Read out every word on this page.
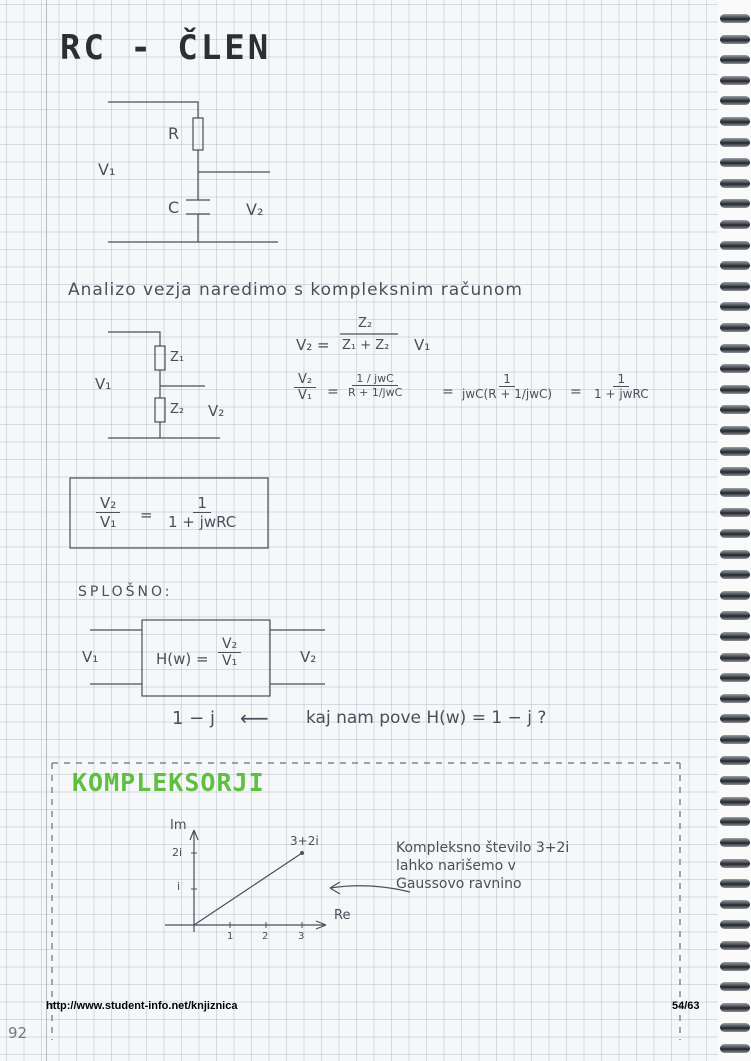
RC - ČLEN
R
C
V₁
V₂
Analizo vezja naredimo s kompleksnim računom
Z₁
Z₂
V₁
V₂
V₂ =
Z₂
Z₁ + Z₂ V₁
$\frac{\text{V₂}}{\text{V₁}}$ =
1 / jwC
R + 1/jwC	=
1
jwC(R + 1/jwC) =
1
1 + jwRC
$\frac{\text{V₂}}{\text{V₁}}$ =
1
1 + jwRC
SPLOŠNO:
V₁	V₂
$H(w) = \frac{\text{V₂}}{\text{V₁}}$
1 − j ⟵ kaj nam pove H(w) = 1 − j ?
KOMPLEKSORJI
Im
Re
2i
i
1	2	3
3+2i	Kompleksno število 3+2i
lahko narišemo v
Gaussovo ravnino
92
http://www.student-info.net/knjiznica	54/63
